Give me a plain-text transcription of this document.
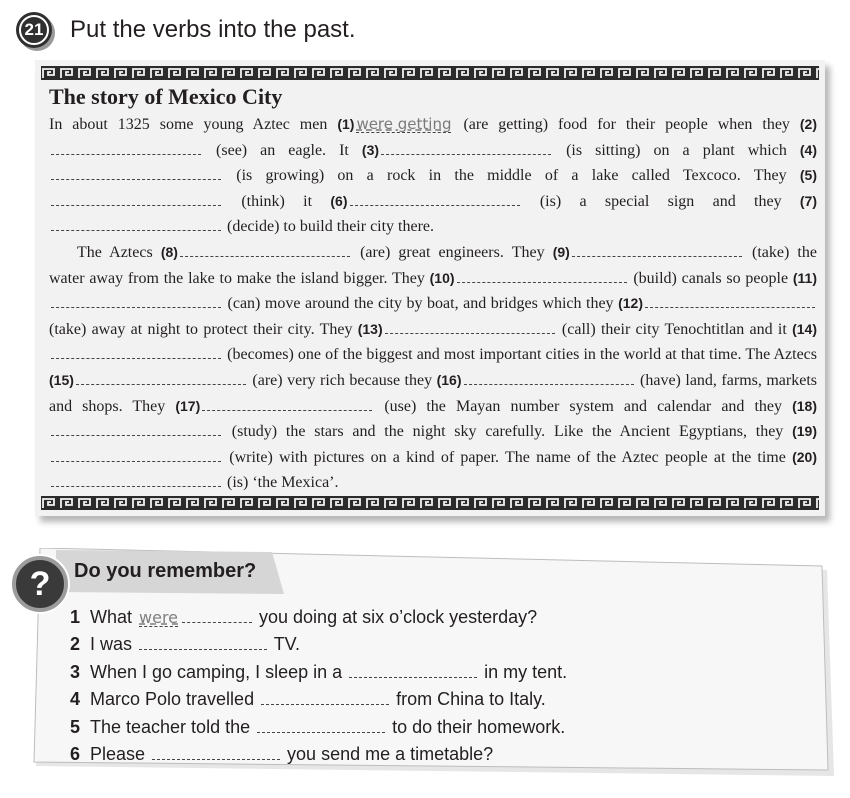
21 Put the verbs into the past.
The story of Mexico City

In about 1325 some young Aztec men (1) were getting (are getting) food for their people when they (2) (see) an eagle. It (3)	(is sitting) on a plant which (4) (is growing) on a rock in the middle of a lake called Texcoco. They (5) (think) it (6)	(is) a special sign and they (7) (decide) to build their city there.

The Aztecs (8)	(are) great engineers. They (9)	(take) the water away from the lake to make the island bigger. They (10)	(build) canals so people (11) (can) move around the city by boat, and bridges which they (12) (take) away at night to protect their city. They (13)	(call) their city Tenochtitlan and it (14) (becomes) one of the biggest and most important cities in the world at that time. The Aztecs (15)	(are) very rich because they (16)	(have) land, farms, markets and shops. They (17)	(use) the Mayan number system and calendar and they (18) (study) the stars and the night sky carefully. Like the Ancient Egyptians, they (19) (write) with pictures on a kind of paper. The name of the Aztec people at the time (20) (is) ‘the Mexica’.

?	Do you remember?
1 What were	you doing at six o’clock yesterday?
2 I was	TV.
3 When I go camping, I sleep in a	in my tent.
4 Marco Polo travelled	from China to Italy.
5 The teacher told the	to do their homework.
6 Please	you send me a timetable?
